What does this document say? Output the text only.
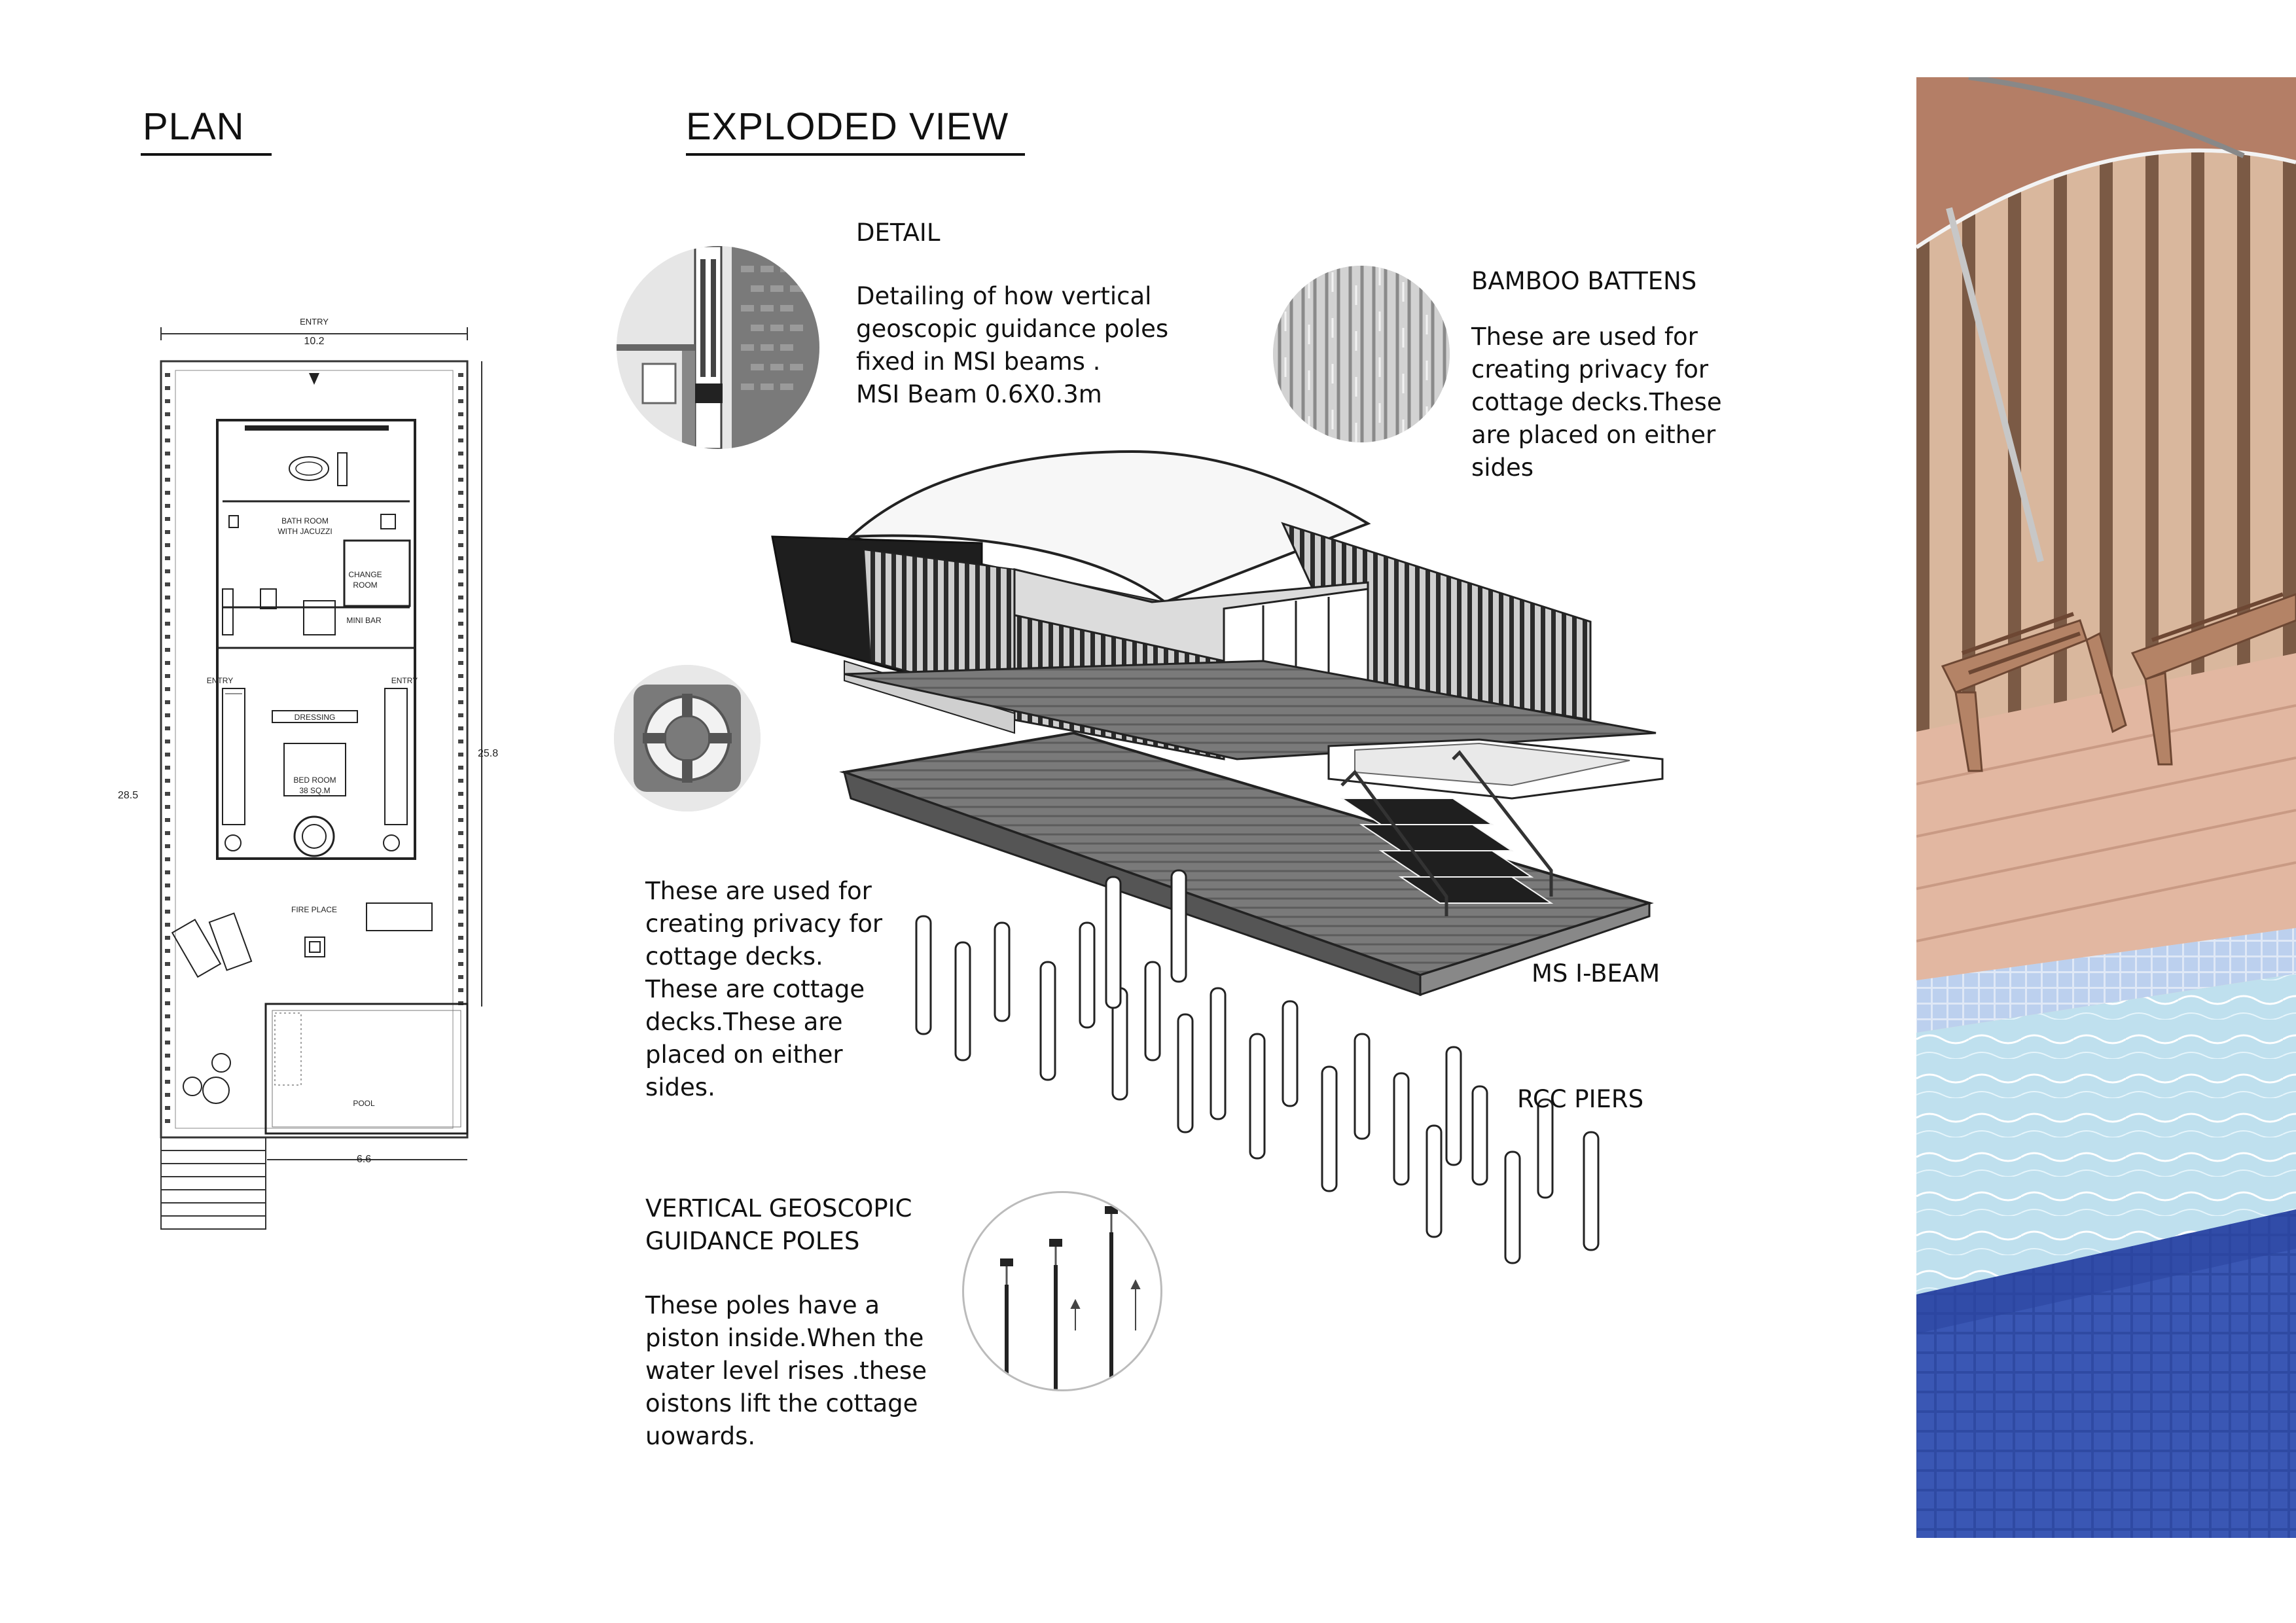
PLAN	EXPLODED VIEW
ENTRY
10.2
28.5
25.8
6.6
BATH ROOM
WITH JACUZZI
CHANGE
ROOM
MINI BAR
ENTRY	ENTRY
DRESSING
BED ROOM
38 SQ.M
FIRE PLACE
POOL
DETAIL
Detailing of how vertical
geoscopic guidance poles
fixed in MSI beams .
MSI Beam 0.6X0.3m
BAMBOO BATTENS
These are used for
creating privacy for
cottage decks.These
are placed on either
sides
These are used for
creating privacy for
cottage decks.
These are cottage
decks.These are
placed on either
sides.
MS I-BEAM
RCC PIERS
VERTICAL GEOSCOPIC
GUIDANCE POLES
These poles have a
piston inside.When the
water level rises .these
oistons lift the cottage
uowards.
